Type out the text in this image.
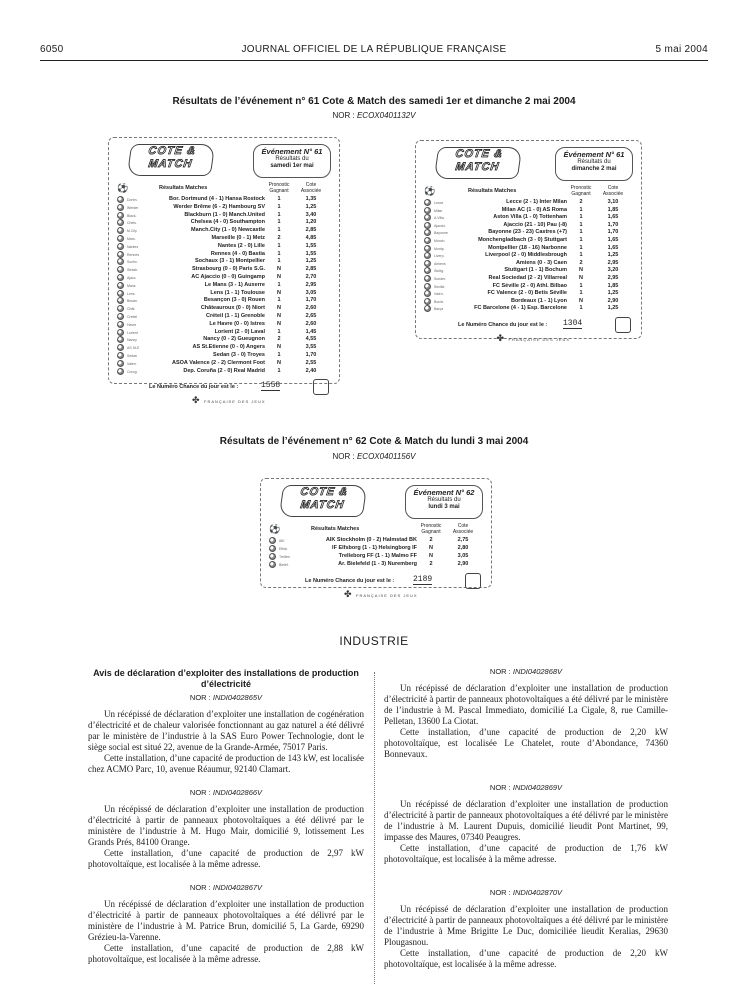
6050	JOURNAL OFFICIEL DE LA RÉPUBLIQUE FRANÇAISE	5 mai 2004
Résultats de l’événement n° 61 Cote & Match des samedi 1er et dimanche 2 mai 2004
NOR : ECOX0401132V
COTE &
MATCH
Événement N° 61
Résultats du
samedi 1er mai
Pronostic Gagnant
Cote Associée
Résultats Matches
⚽
Dortm.	Bor. Dortmund (4 - 1) Hansa Rostock	1	1,35
Werder	Werder Brême (6 - 2) Hambourg SV	1	1,25
Black.	Blackburn (1 - 0) Manch.United	1	3,40
Chels.	Chelsea (4 - 0) Southampton	1	1,20
M.City	Manch.City (1 - 0) Newcastle	1	2,85
Mars.	Marseille (0 - 1) Metz	2	4,85
Nantes	Nantes (2 - 0) Lille	1	1,55
Rennes	Rennes (4 - 0) Bastia	1	1,55
Sochx.	Sochaux (3 - 1) Montpellier	1	1,25
Strasb.	Strasbourg (0 - 0) Paris S.G.	N	2,85
Ajacc.	AC Ajaccio (0 - 0) Guingamp	N	2,70
Mans	Le Mans (3 - 1) Auxerre	1	2,95
Lens	Lens (1 - 1) Toulouse	N	3,05
Besan.	Besançon (3 - 0) Rouen	1	1,70
Chât.	Châteauroux (0 - 0) Niort	N	2,60
Créteil	Créteil (1 - 1) Grenoble	N	2,65
Havre	Le Havre (0 - 0) Istres	N	2,60
Lorient	Lorient (2 - 0) Laval	1	1,45
Nancy	Nancy (0 - 2) Gueugnon	2	4,55
AS St-E	AS St.Etienne (0 - 0) Angers	N	3,55
Sedan	Sedan (3 - 0) Troyes	1	1,70
Valen.	ASOA Valence (2 - 2) Clermont Foot	N	2,55
Corog.	Dep. Coruña (2 - 0) Real Madrid	1	2,40
Le Numéro Chance du jour est le :	1558
✤	FRANÇAISE DES JEUX
COTE &
MATCH
Événement N° 61
Résultats du
dimanche 2 mai
Pronostic Gagnant
Cote Associée
Résultats Matches
⚽
Lecce	Lecce (2 - 1) Inter Milan	2	3,10
Milan	Milan AC (1 - 0) AS Roma	1	1,85
A.Villa	Aston Villa (1 - 0) Tottenham	1	1,65
Ajaccio	Ajaccio (21 - 10) Pau (-8)	1	1,70
Bayonne	Bayonne (23 - 23) Castres (+7)	1	1,70
Monch.	Monchengladbach (3 - 0) Stuttgart	1	1,65
Montp.	Montpellier (18 - 16) Narbonne	1	1,65
Liverp.	Liverpool (2 - 0) Middlesbrough	1	1,25
Amiens	Amiens (0 - 3) Caen	2	2,95
Stuttg.	Stuttgart (1 - 1) Bochum	N	3,20
Sunder.	Real Sociedad (2 - 2) Villarreal	N	2,95
Sevilla	FC Séville (2 - 0) Athl. Bilbao	1	1,85
Valen.	FC Valence (2 - 0) Betis Séville	1	1,25
Bordx.	Bordeaux (1 - 1) Lyon	N	2,90
Barça	FC Barcelone (4 - 1) Esp. Barcelone	1	1,25
Le Numéro Chance du jour est le : 1304
✤	FRANÇAISE DES JEUX
Résultats de l’événement n° 62 Cote & Match du lundi 3 mai 2004
NOR : ECOX0401156V
COTE &
MATCH
Événement N° 62
Résultats du
lundi 3 mai
Pronostic Gagnant
Cote Associée
Résultats Matches
⚽
AIK	AIK Stockholm (0 - 2) Halmstad BK	2	2,75
Elfsb.	IF Elfsborg (1 - 1) Helsingborg IF	N	2,80
Trelleb.	Trelleborg FF (1 - 1) Malmo FF	N	3,05
Bielef.	Ar. Bielefeld (1 - 3) Nuremberg	2	2,90
Le Numéro Chance du jour est le : 2189
✤	FRANÇAISE DES JEUX
INDUSTRIE

Avis de déclaration d’exploiter des installations de production d’électricité

NOR : INDI0402865V

Un récépissé de déclaration d’exploiter une installation de cogénération d’électricité et de chaleur valorisée fonctionnant au gaz naturel a été délivré par le ministère de l’industrie à la SAS Euro Power Technologie, dont le siège social est situé 22, avenue de la Grande-Armée, 75017 Paris.

Cette installation, d’une capacité de production de 143 kW, est localisée chez ACMO Parc, 10, avenue Réaumur, 92140 Clamart.

NOR : INDI0402866V

Un récépissé de déclaration d’exploiter une installation de production d’électricité à partir de panneaux photovoltaïques a été délivré par le ministère de l’industrie à M. Hugo Mair, domicilié 9, lotissement Les Grands Prés, 84100 Orange.

Cette installation, d’une capacité de production de 2,97 kW photovoltaïque, est localisée à la même adresse.

NOR : INDI0402867V

Un récépissé de déclaration d’exploiter une installation de production d’électricité à partir de panneaux photovoltaïques a été délivré par le ministère de l’industrie à M. Patrice Brun, domicilié 5, La Garde, 69290 Grézieu-la-Varenne.

Cette installation, d’une capacité de production de 2,88 kW photovoltaïque, est localisée à la même adresse.

NOR : INDI0402868V

Un récépissé de déclaration d’exploiter une installation de production d’électricité à partir de panneaux photovoltaïques a été délivré par le ministère de l’industrie à M. Pascal Immediato, domicilié La Cigale, 8, rue Camille-Pelletan, 13600 La Ciotat.

Cette installation, d’une capacité de production de 2,20 kW photovoltaïque, est localisée Le Chatelet, route d’Abondance, 74360 Bonnevaux.

NOR : INDI0402869V

Un récépissé de déclaration d’exploiter une installation de production d’électricité à partir de panneaux photovoltaïques a été délivré par le ministère de l’industrie à M. Laurent Dupuis, domicilié lieudit Pont Martinet, 99, impasse des Maures, 07340 Peaugres.

Cette installation, d’une capacité de production de 1,76 kW photovoltaïque, est localisée à la même adresse.

NOR : INDI0402870V

Un récépissé de déclaration d’exploiter une installation de production d’électricité à partir de panneaux photovoltaïques a été délivré par le ministère de l’industrie à Mme Brigitte Le Duc, domiciliée lieudit Keralias, 29630 Plougasnou.

Cette installation, d’une capacité de production de 2,20 kW photovoltaïque, est localisée à la même adresse.
